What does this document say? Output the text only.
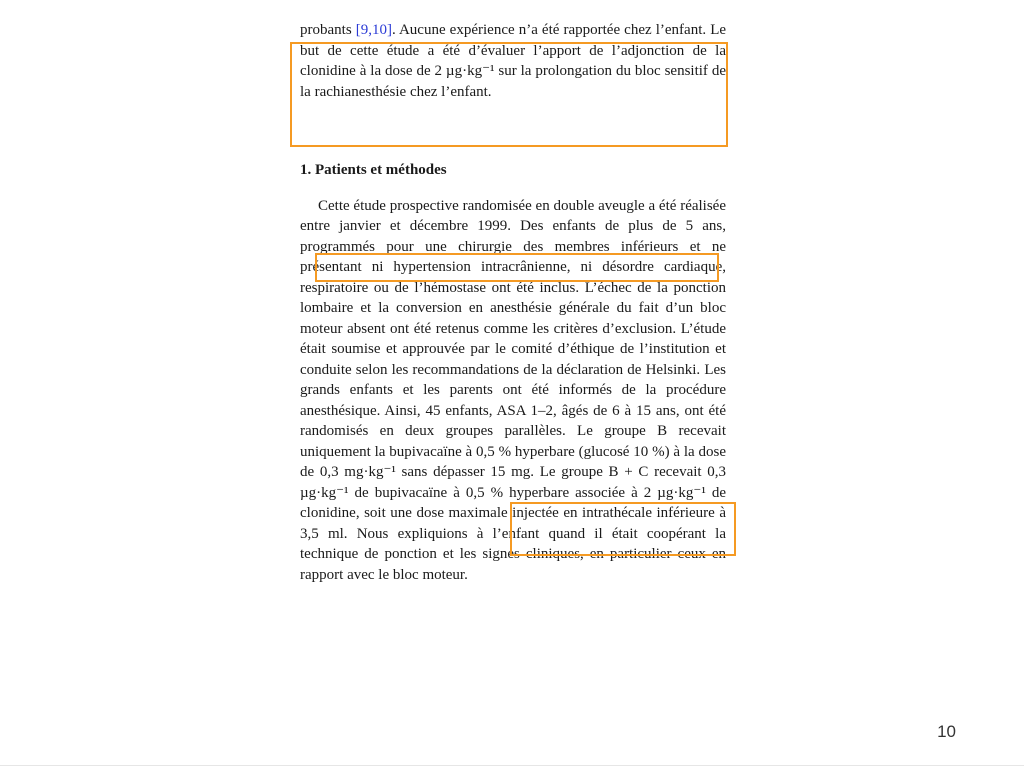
probants [9,10]. Aucune expérience n’a été rapportée chez l’enfant. Le but de cette étude a été d’évaluer l’apport de l’adjonction de la clonidine à la dose de 2 µg·kg⁻¹ sur la prolongation du bloc sensitif de la rachianesthésie chez l’enfant.

1. Patients et méthodes

Cette étude prospective randomisée en double aveugle a été réalisée entre janvier et décembre 1999. Des enfants de plus de 5 ans, programmés pour une chirurgie des membres inférieurs et ne présentant ni hypertension intracrânienne, ni désordre cardiaque, respiratoire ou de l’hémostase ont été inclus. L’échec de la ponction lombaire et la conversion en anesthésie générale du fait d’un bloc moteur absent ont été retenus comme les critères d’exclusion. L’étude était soumise et approuvée par le comité d’éthique de l’institution et conduite selon les recommandations de la déclaration de Helsinki. Les grands enfants et les parents ont été informés de la procédure anesthésique. Ainsi, 45 enfants, ASA 1–2, âgés de 6 à 15 ans, ont été randomisés en deux groupes parallèles. Le groupe B recevait uniquement la bupivacaïne à 0,5 % hyperbare (glucosé 10 %) à la dose de 0,3 mg·kg⁻¹ sans dépasser 15 mg. Le groupe B + C recevait 0,3 µg·kg⁻¹ de bupivacaïne à 0,5 % hyperbare associée à 2 µg·kg⁻¹ de clonidine, soit une dose maximale injectée en intrathécale inférieure à 3,5 ml. Nous expliquions à l’enfant quand il était coopérant la technique de ponction et les signes cliniques, en particulier ceux en rapport avec le bloc moteur.

10
